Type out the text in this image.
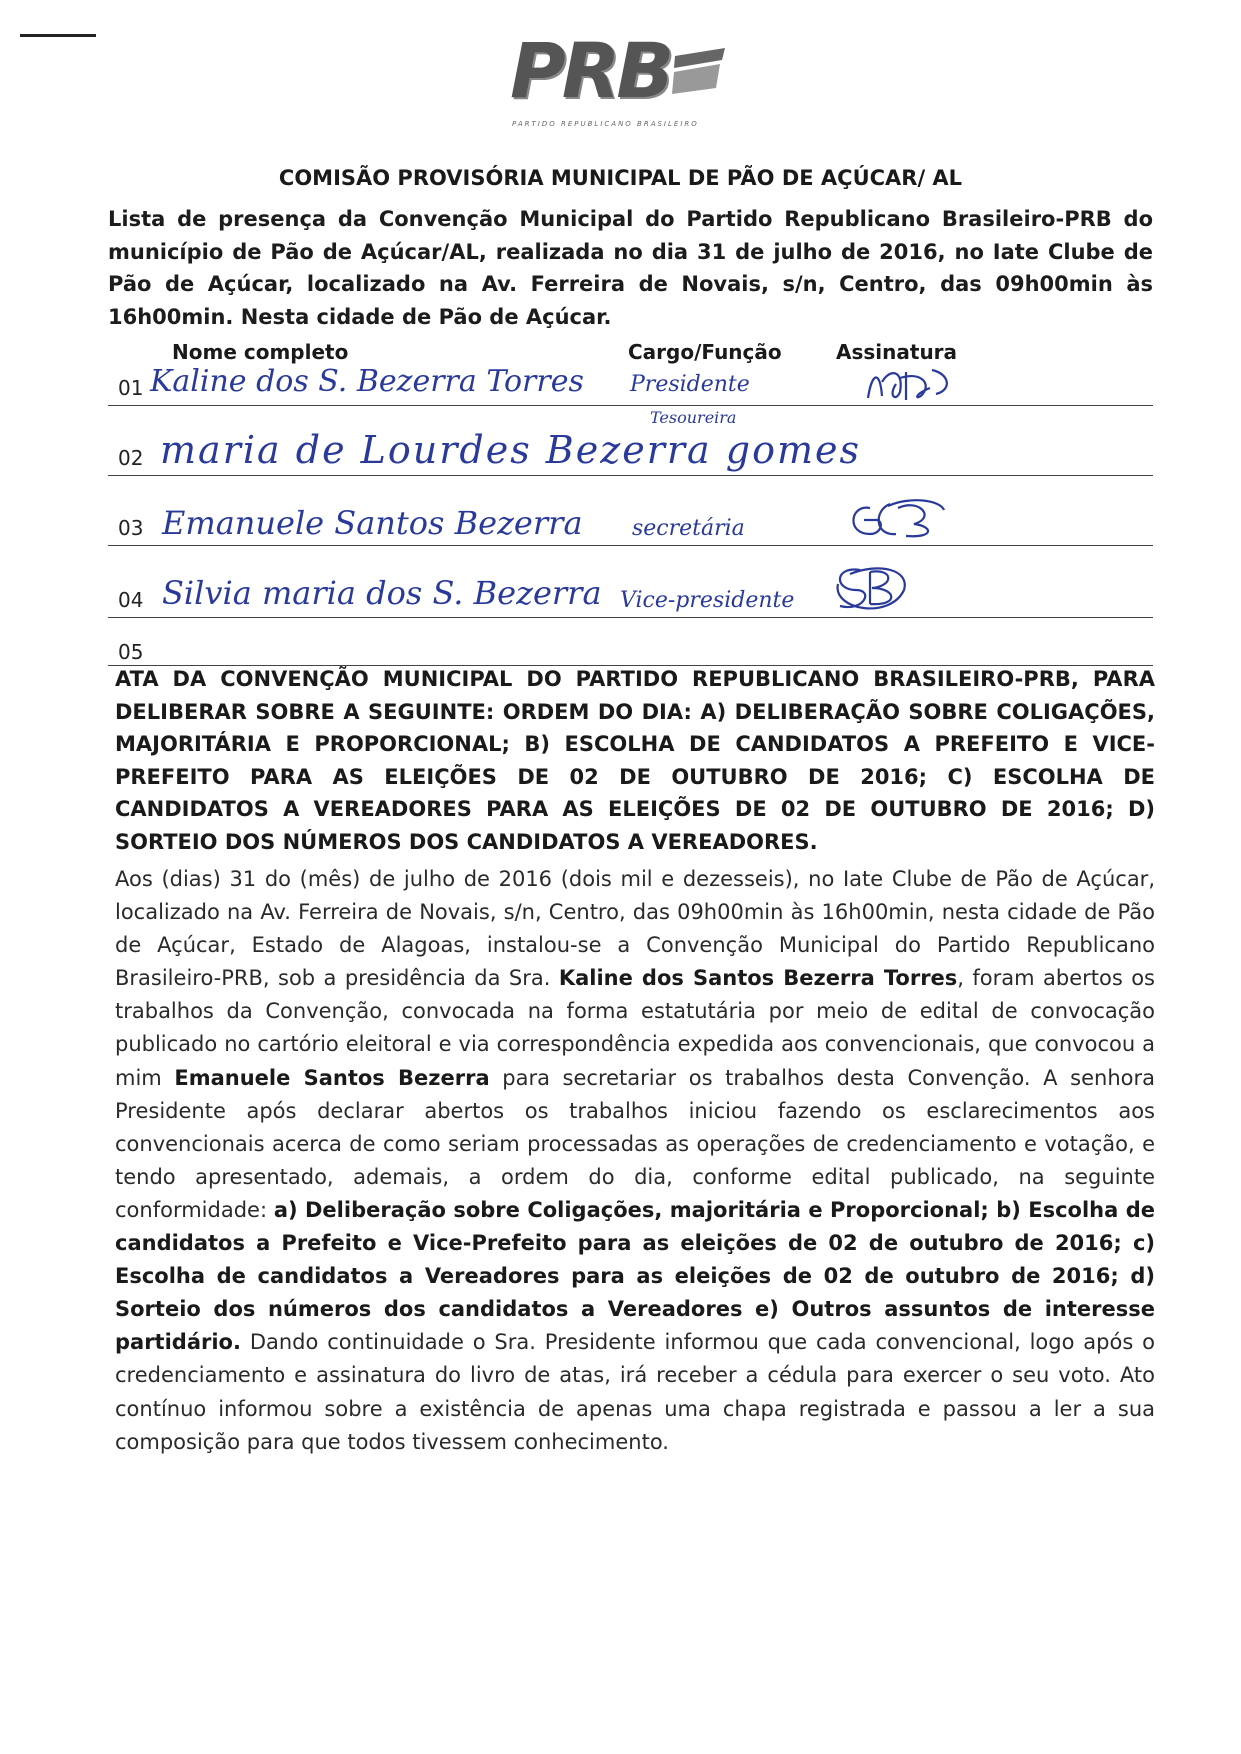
PRB
PARTIDO REPUBLICANO BRASILEIRO
COMISÃO PROVISÓRIA MUNICIPAL DE PÃO DE AÇÚCAR/ AL
Lista de presença da Convenção Municipal do Partido Republicano Brasileiro-PRB do município de Pão de Açúcar/AL, realizada no dia 31 de julho de 2016, no Iate Clube de Pão de Açúcar, localizado na Av. Ferreira de Novais, s/n, Centro, das 09h00min às 16h00min. Nesta cidade de Pão de Açúcar.
Nome completo	Cargo/Função	Assinatura
01 Kaline dos S. Bezerra Torres Presidente
Tesoureira
02 maria de Lourdes Bezerra gomes
03 Emanuele Santos Bezerra secretária
04 Silvia maria dos S. Bezerra Vice-presidente
05
ATA DA CONVENÇÃO MUNICIPAL DO PARTIDO REPUBLICANO BRASILEIRO-PRB, PARA DELIBERAR SOBRE A SEGUINTE: ORDEM DO DIA: A) DELIBERAÇÃO SOBRE COLIGAÇÕES, MAJORITÁRIA E PROPORCIONAL; B) ESCOLHA DE CANDIDATOS A PREFEITO E VICE-PREFEITO PARA AS ELEIÇÕES DE 02 DE OUTUBRO DE 2016; C) ESCOLHA DE CANDIDATOS A VEREADORES PARA AS ELEIÇÕES DE 02 DE OUTUBRO DE 2016; D) SORTEIO DOS NÚMEROS DOS CANDIDATOS A VEREADORES.
Aos (dias) 31 do (mês) de julho de 2016 (dois mil e dezesseis), no Iate Clube de Pão de Açúcar, localizado na Av. Ferreira de Novais, s/n, Centro, das 09h00min às 16h00min, nesta cidade de Pão de Açúcar, Estado de Alagoas, instalou-se a Convenção Municipal do Partido Republicano Brasileiro-PRB, sob a presidência da Sra. Kaline dos Santos Bezerra Torres, foram abertos os trabalhos da Convenção, convocada na forma estatutária por meio de edital de convocação publicado no cartório eleitoral e via correspondência expedida aos convencionais, que convocou a mim Emanuele Santos Bezerra para secretariar os trabalhos desta Convenção. A senhora Presidente após declarar abertos os trabalhos iniciou fazendo os esclarecimentos aos convencionais acerca de como seriam processadas as operações de credenciamento e votação, e tendo apresentado, ademais, a ordem do dia, conforme edital publicado, na seguinte conformidade: a) Deliberação sobre Coligações, majoritária e Proporcional; b) Escolha de candidatos a Prefeito e Vice-Prefeito para as eleições de 02 de outubro de 2016; c) Escolha de candidatos a Vereadores para as eleições de 02 de outubro de 2016; d) Sorteio dos números dos candidatos a Vereadores e) Outros assuntos de interesse partidário. Dando continuidade o Sra. Presidente informou que cada convencional, logo após o credenciamento e assinatura do livro de atas, irá receber a cédula para exercer o seu voto. Ato contínuo informou sobre a existência de apenas uma chapa registrada e passou a ler a sua composição para que todos tivessem conhecimento.
